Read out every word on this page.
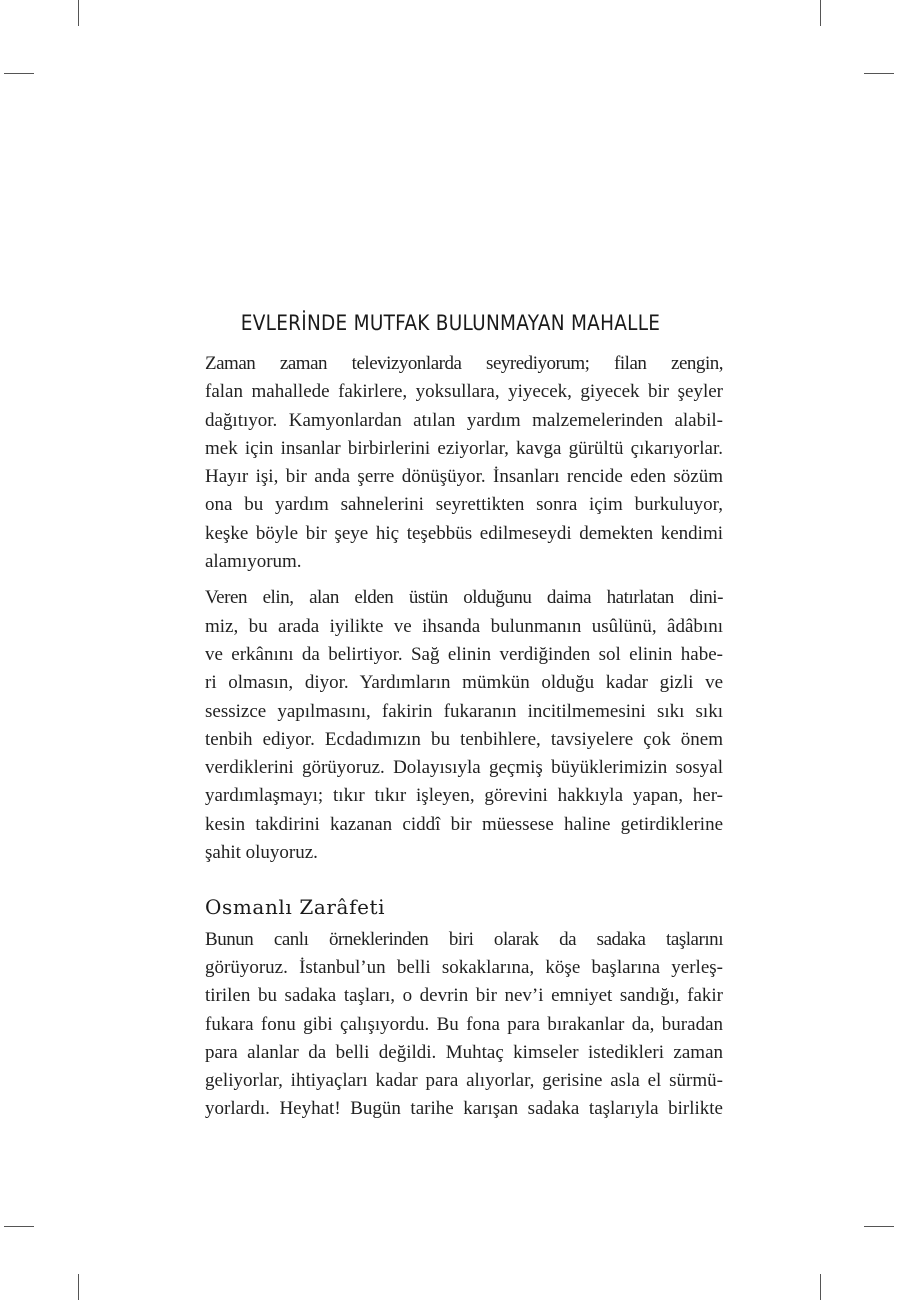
EVLERİNDE MUTFAK BULUNMAYAN MAHALLE
Zaman zaman televizyonlarda seyrediyorum; filan zengin,
falan mahallede fakirlere, yoksullara, yiyecek, giyecek bir şeyler
dağıtıyor. Kamyonlardan atılan yardım malzemelerinden alabil-
mek için insanlar birbirlerini eziyorlar, kavga gürültü çıkarıyorlar.
Hayır işi, bir anda şerre dönüşüyor. İnsanları rencide eden sözüm
ona bu yardım sahnelerini seyrettikten sonra içim burkuluyor,
keşke böyle bir şeye hiç teşebbüs edilmeseydi demekten kendimi
alamıyorum.
Veren elin, alan elden üstün olduğunu daima hatırlatan dini-
miz, bu arada iyilikte ve ihsanda bulunmanın usûlünü, âdâbını
ve erkânını da belirtiyor. Sağ elinin verdiğinden sol elinin habe-
ri olmasın, diyor. Yardımların mümkün olduğu kadar gizli ve
sessizce yapılmasını, fakirin fukaranın incitilmemesini sıkı sıkı
tenbih ediyor. Ecdadımızın bu tenbihlere, tavsiyelere çok önem
verdiklerini görüyoruz. Dolayısıyla geçmiş büyüklerimizin sosyal
yardımlaşmayı; tıkır tıkır işleyen, görevini hakkıyla yapan, her-
kesin takdirini kazanan ciddî bir müessese haline getirdiklerine
şahit oluyoruz.
Osmanlı Zarâfeti
Bunun canlı örneklerinden biri olarak da sadaka taşlarını
görüyoruz. İstanbul’un belli sokaklarına, köşe başlarına yerleş-
tirilen bu sadaka taşları, o devrin bir nev’i emniyet sandığı, fakir
fukara fonu gibi çalışıyordu. Bu fona para bırakanlar da, buradan
para alanlar da belli değildi. Muhtaç kimseler istedikleri zaman
geliyorlar, ihtiyaçları kadar para alıyorlar, gerisine asla el sürmü-
yorlardı. Heyhat! Bugün tarihe karışan sadaka taşlarıyla birlikte
